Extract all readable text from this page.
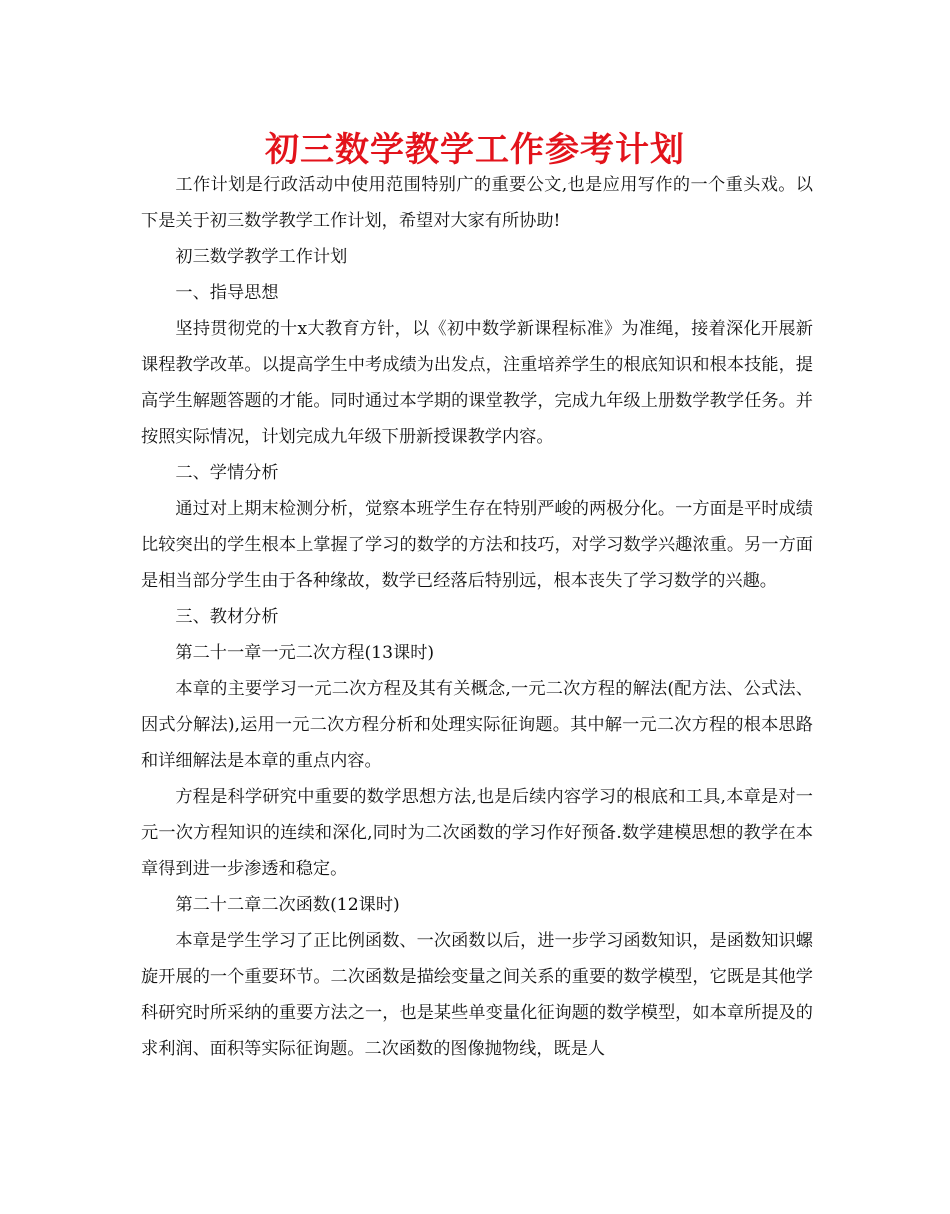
初三数学教学工作参考计划

工作计划是行政活动中使用范围特别广的重要公文,也是应用写作的一个重头戏。以下是关于初三数学教学工作计划，希望对大家有所协助!

初三数学教学工作计划

一、指导思想

坚持贯彻党的十x大教育方针，以《初中数学新课程标准》为准绳，接着深化开展新课程教学改革。以提高学生中考成绩为出发点，注重培养学生的根底知识和根本技能，提高学生解题答题的才能。同时通过本学期的课堂教学，完成九年级上册数学教学任务。并按照实际情况，计划完成九年级下册新授课教学内容。

二、学情分析

通过对上期末检测分析，觉察本班学生存在特别严峻的两极分化。一方面是平时成绩比较突出的学生根本上掌握了学习的数学的方法和技巧，对学习数学兴趣浓重。另一方面是相当部分学生由于各种缘故，数学已经落后特别远，根本丧失了学习数学的兴趣。

三、教材分析

第二十一章一元二次方程(13课时)

本章的主要学习一元二次方程及其有关概念,一元二次方程的解法(配方法、公式法、因式分解法),运用一元二次方程分析和处理实际征询题。其中解一元二次方程的根本思路和详细解法是本章的重点内容。

方程是科学研究中重要的数学思想方法,也是后续内容学习的根底和工具,本章是对一元一次方程知识的连续和深化,同时为二次函数的学习作好预备.数学建模思想的教学在本章得到进一步渗透和稳定。

第二十二章二次函数(12课时)

本章是学生学习了正比例函数、一次函数以后，进一步学习函数知识，是函数知识螺旋开展的一个重要环节。二次函数是描绘变量之间关系的重要的数学模型，它既是其他学科研究时所采纳的重要方法之一，也是某些单变量化征询题的数学模型，如本章所提及的求利润、面积等实际征询题。二次函数的图像抛物线，既是人
